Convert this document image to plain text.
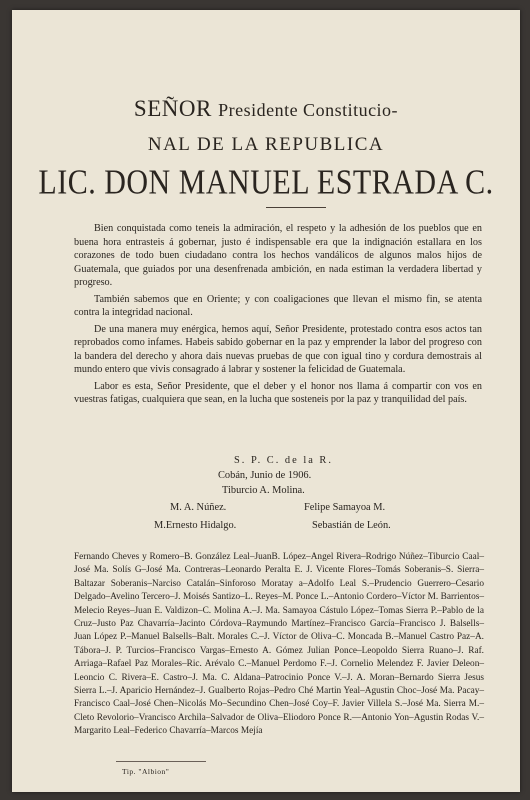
SEÑOR Presidente Constitucio-
NAL DE LA REPUBLICA
LIC. DON MANUEL ESTRADA C.

Bien conquistada como teneis la admiración, el respeto y la adhesión de los pueblos que en buena hora entrasteis á gobernar, justo é indispensable era que la indignación estallara en los corazones de todo buen ciudadano contra los hechos vandálicos de algunos malos hijos de Guatemala, que guiados por una desenfrenada ambición, en nada estiman la verdadera libertad y progreso.

También sabemos que en Oriente; y con coaligaciones que llevan el mismo fin, se atenta contra la integridad nacional.

De una manera muy enérgica, hemos aquí, Señor Presidente, protestado contra esos actos tan reprobados como infames. Habeis sabido gobernar en la paz y emprender la labor del progreso con la bandera del derecho y ahora dais nuevas pruebas de que con igual tino y cordura demostrais al mundo entero que vivis consagrado á labrar y sostener la felicidad de Guatemala.

Labor es esta, Señor Presidente, que el deber y el honor nos llama á compartir con vos en vuestras fatigas, cualquiera que sean, en la lucha que sosteneis por la paz y tranquilidad del país.

S. P. C. de la R.
Cobán, Junio de 1906.
Tiburcio A. Molina.
M. A. Núñez.	Felipe Samayoa M.
M.Ernesto Hidalgo.	Sebastián de León.
Fernando Cheves y Romero–B. González Leal–JuanB. López–Angel Rivera–Rodrigo Núñez–Tiburcio Caal–José Ma. Solís G–José Ma. Contreras–Leonardo Peralta E. J. Vicente Flores–Tomás Soberanis–S. Sierra–Baltazar Soberanis–Narciso Catalán–Sinforoso Moratay a–Adolfo Leal S.–Prudencio Guerrero–Cesario Delgado–Avelino Tercero–J. Moisés Santizo–L. Reyes–M. Ponce L.–Antonio Cordero–Víctor M. Barrientos–Melecio Reyes–Juan E. Valdizon–C. Molina A.–J. Ma. Samayoa Cástulo López–Tomas Sierra P.–Pablo de la Cruz–Justo Paz Chavarría–Jacinto Córdova–Raymundo Martínez–Francisco García–Francisco J. Balsells–Juan López P.–Manuel Balsells–Balt. Morales C.–J. Víctor de Oliva–C. Moncada B.–Manuel Castro Paz–A. Tábora–J. P. Turcios–Francisco Vargas–Ernesto A. Gómez Julian Ponce–Leopoldo Sierra Ruano–J. Raf. Arriaga–Rafael Paz Morales–Ric. Arévalo C.–Manuel Perdomo F.–J. Cornelio Melendez F. Javier Deleon–Leoncio C. Rivera–E. Castro–J. Ma. C. Aldana–Patrocinio Ponce V.–J. A. Moran–Bernardo Sierra Jesus Sierra L.–J. Aparicio Hernández–J. Gualberto Rojas–Pedro Ché Martin Yeal–Agustin Choc–José Ma. Pacay–Francisco Caal–José Chen–Nicolás Mo–Secundino Chen–José Coy–F. Javier Villela S.–José Ma. Sierra M.–Cleto Revolorio–Vrancisco Archila–Salvador de Oliva–Eliodoro Ponce R.—Antonio Yon–Agustin Rodas V.–Margarito Leal–Federico Chavarría–Marcos Mejía
Tip. "Albion"
